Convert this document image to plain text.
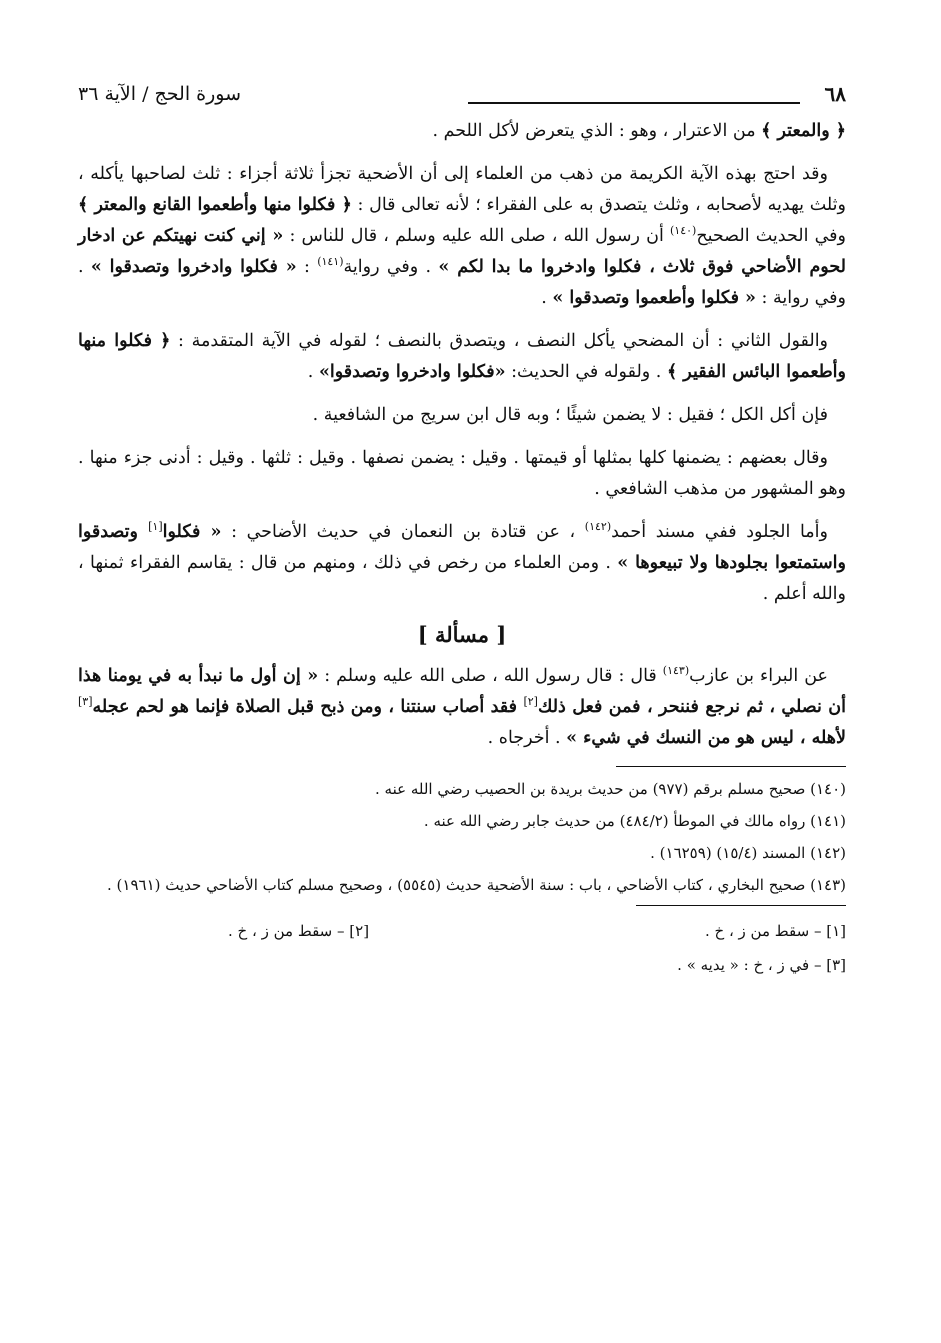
٦٨
سورة الحج / الآية ٣٦

﴿ والمعتر ﴾ من الاعترار ، وهو : الذي يتعرض لأكل اللحم .

وقد احتج بهذه الآية الكريمة من ذهب من العلماء إلى أن الأضحية تجزأ ثلاثة أجزاء : ثلث لصاحبها يأكله ، وثلث يهديه لأصحابه ، وثلث يتصدق به على الفقراء ؛ لأنه تعالى قال : ﴿ فكلوا منها وأطعموا القانع والمعتر ﴾ وفي الحديث الصحيح$^{(١٤٠)}$ أن رسول الله ، صلى الله عليه وسلم ، قال للناس : « إني كنت نهيتكم عن ادخار لحوم الأضاحي فوق ثلاث ، فكلوا وادخروا ما بدا لكم » . وفي رواية$^{(١٤١)}$ : « فكلوا وادخروا وتصدقوا » . وفي رواية : « فكلوا وأطعموا وتصدقوا » .

والقول الثاني : أن المضحي يأكل النصف ، ويتصدق بالنصف ؛ لقوله في الآية المتقدمة : ﴿ فكلوا منها وأطعموا البائس الفقير ﴾ . ولقوله في الحديث: «فكلوا وادخروا وتصدقوا» .

فإن أكل الكل ؛ فقيل : لا يضمن شيئًا ؛ وبه قال ابن سريج من الشافعية .

وقال بعضهم : يضمنها كلها بمثلها أو قيمتها . وقيل : يضمن نصفها . وقيل : ثلثها . وقيل : أدنى جزء منها . وهو المشهور من مذهب الشافعي .

وأما الجلود ففي مسند أحمد$^{(١٤٢)}$ ، عن قتادة بن النعمان في حديث الأضاحي : « فكلوا[١] وتصدقوا واستمتعوا بجلودها ولا تبيعوها » . ومن العلماء من رخص في ذلك ، ومنهم من قال : يقاسم الفقراء ثمنها ، والله أعلم .

[ مسألة ]

عن البراء بن عازب$^{(١٤٣)}$ قال : قال رسول الله ، صلى الله عليه وسلم : « إن أول ما نبدأ به في يومنا هذا أن نصلي ، ثم نرجع فننحر ، فمن فعل ذلك[٢] فقد أصاب سنتنا ، ومن ذبح قبل الصلاة فإنما هو لحم عجله[٣] لأهله ، ليس هو من النسك في شيء » . أخرجاه .

(١٤٠) صحيح مسلم برقم (٩٧٧) من حديث بريدة بن الحصيب رضي الله عنه .

(١٤١) رواه مالك في الموطأ (٤٨٤/٢) من حديث جابر رضي الله عنه .

(١٤٢) المسند (١٥/٤) (١٦٢٥٩) .

(١٤٣) صحيح البخاري ، كتاب الأضاحي ، باب : سنة الأضحية حديث (٥٥٤٥) ، وصحيح مسلم كتاب الأضاحي حديث (١٩٦١) .

[١] – سقط من ز ، خ .
[٢] – سقط من ز ، خ .
[٣] – في ز ، خ : « يديه » .
